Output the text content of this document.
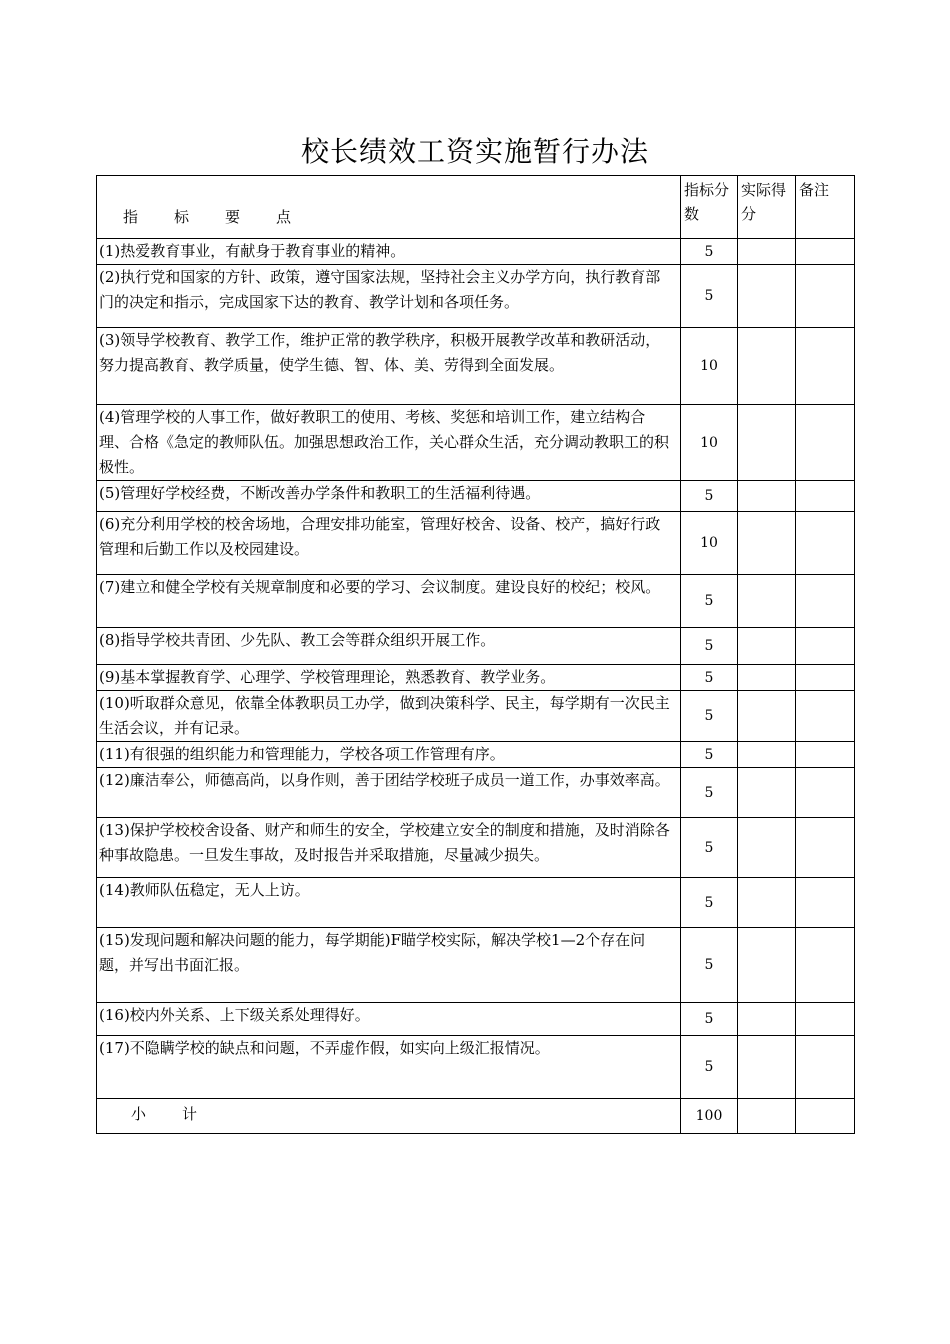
校长绩效工资实施暂行办法
指 标 要 点	指标分数	实际得分	备注
(1)热爱教育事业，有献身于教育事业的精神。	5		
(2)执行党和国家的方针、政策，遵守国家法规，坚持社会主义办学方向，执行教育部门的决定和指示，完成国家下达的教育、教学计划和各项任务。	5		
(3)领导学校教育、教学工作，维护正常的教学秩序，积极开展教学改革和教研活动，努力提高教育、教学质量，使学生德、智、体、美、劳得到全面发展。	10		
(4)管理学校的人事工作，做好教职工的使用、考核、奖惩和培训工作，建立结构合理、合格《急定的教师队伍。加强思想政治工作，关心群众生活，充分调动教职工的积极性。	10		
(5)管理好学校经费，不断改善办学条件和教职工的生活福利待遇。	5		
(6)充分利用学校的校舍场地，合理安排功能室，管理好校舍、设备、校产，搞好行政管理和后勤工作以及校园建设。	10		
(7)建立和健全学校有关规章制度和必要的学习、会议制度。建设良好的校纪；校风。	5		
(8)指导学校共青团、少先队、教工会等群众组织开展工作。	5		
(9)基本掌握教育学、心理学、学校管理理论，熟悉教育、教学业务。	5		
(10)听取群众意见，依靠全体教职员工办学，做到决策科学、民主，每学期有一次民主生活会议，并有记录。	5		
(11)有很强的组织能力和管理能力，学校各项工作管理有序。	5		
(12)廉洁奉公，师德高尚，以身作则，善于团结学校班子成员一道工作，办事效率高。	5		
(13)保护学校校舍设备、财产和师生的安全，学校建立安全的制度和措施，及时消除各种事故隐患。一旦发生事故，及时报告并采取措施，尽量减少损失。	5		
(14)教师队伍稳定，无人上访。	5		
(15)发现问题和解决问题的能力，每学期能)F瞄学校实际，解决学校1—2个存在问题，并写出书面汇报。	5		
(16)校内外关系、上下级关系处理得好。	5		
(17)不隐瞒学校的缺点和问题，不弄虚作假，如实向上级汇报情况。	5		
小 计	100		
